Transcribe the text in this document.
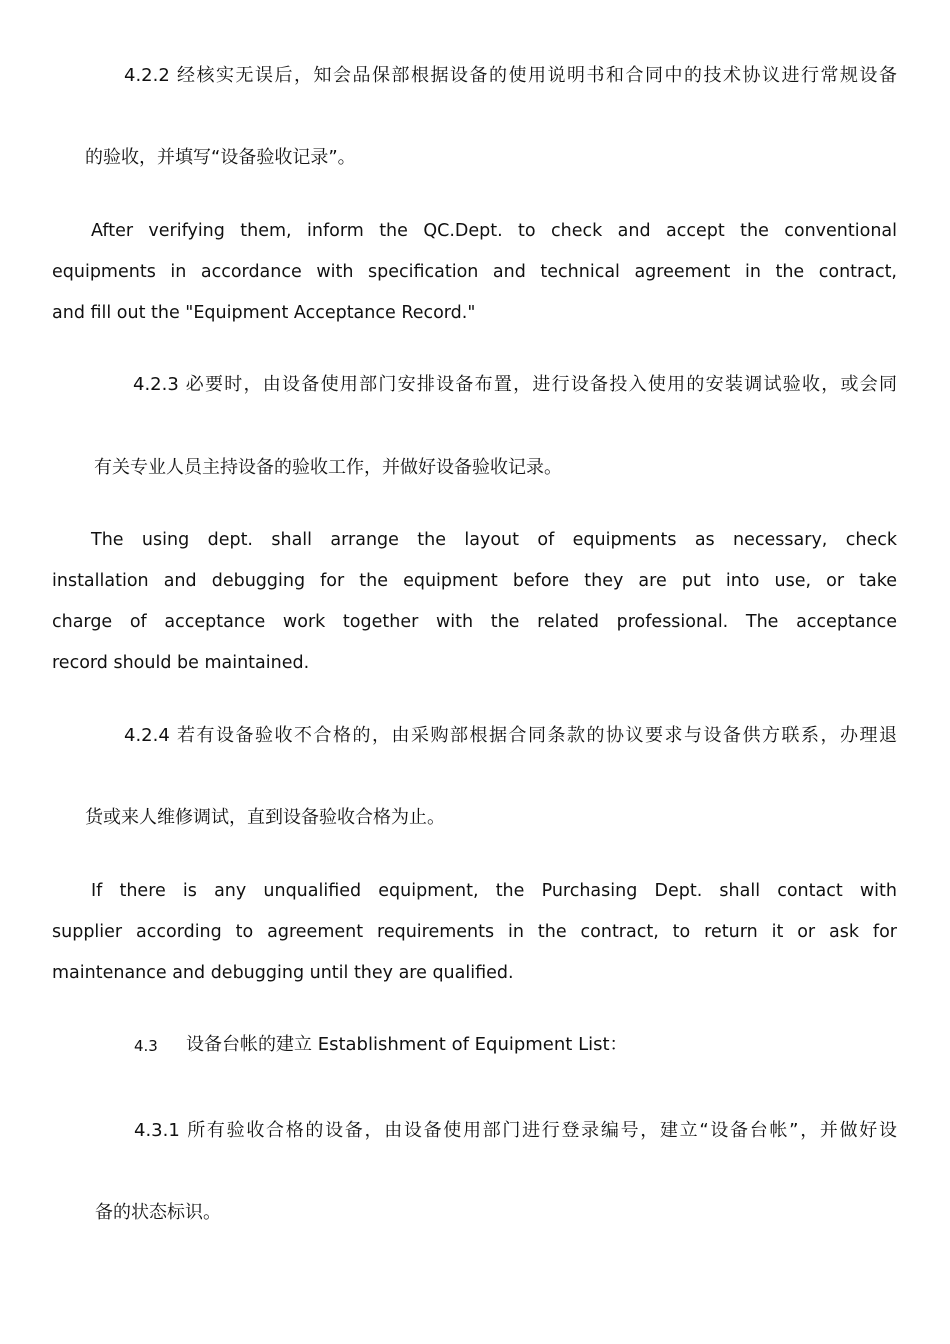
4.2.2 经核实无误后，知会品保部根据设备的使用说明书和合同中的技术协议进行常规设备
的验收，并填写“设备验收记录”。
After verifying them, inform the QC.Dept. to check and accept the conventional
equipments in accordance with specification and technical agreement in the contract,
and fill out the "Equipment Acceptance Record."
4.2.3 必要时，由设备使用部门安排设备布置，进行设备投入使用的安装调试验收，或会同
有关专业人员主持设备的验收工作，并做好设备验收记录。
The using dept. shall arrange the layout of equipments as necessary, check
installation and debugging for the equipment before they are put into use, or take
charge of acceptance work together with the related professional. The acceptance
record should be maintained.
4.2.4 若有设备验收不合格的，由采购部根据合同条款的协议要求与设备供方联系，办理退
货或来人维修调试，直到设备验收合格为止。
If there is any unqualified equipment, the Purchasing Dept. shall contact with
supplier according to agreement requirements in the contract, to return it or ask for
maintenance and debugging until they are qualified.
4.3 设备台帐的建立 Establishment of Equipment List：
4.3.1 所有验收合格的设备，由设备使用部门进行登录编号，建立“设备台帐”，并做好设
备的状态标识。
